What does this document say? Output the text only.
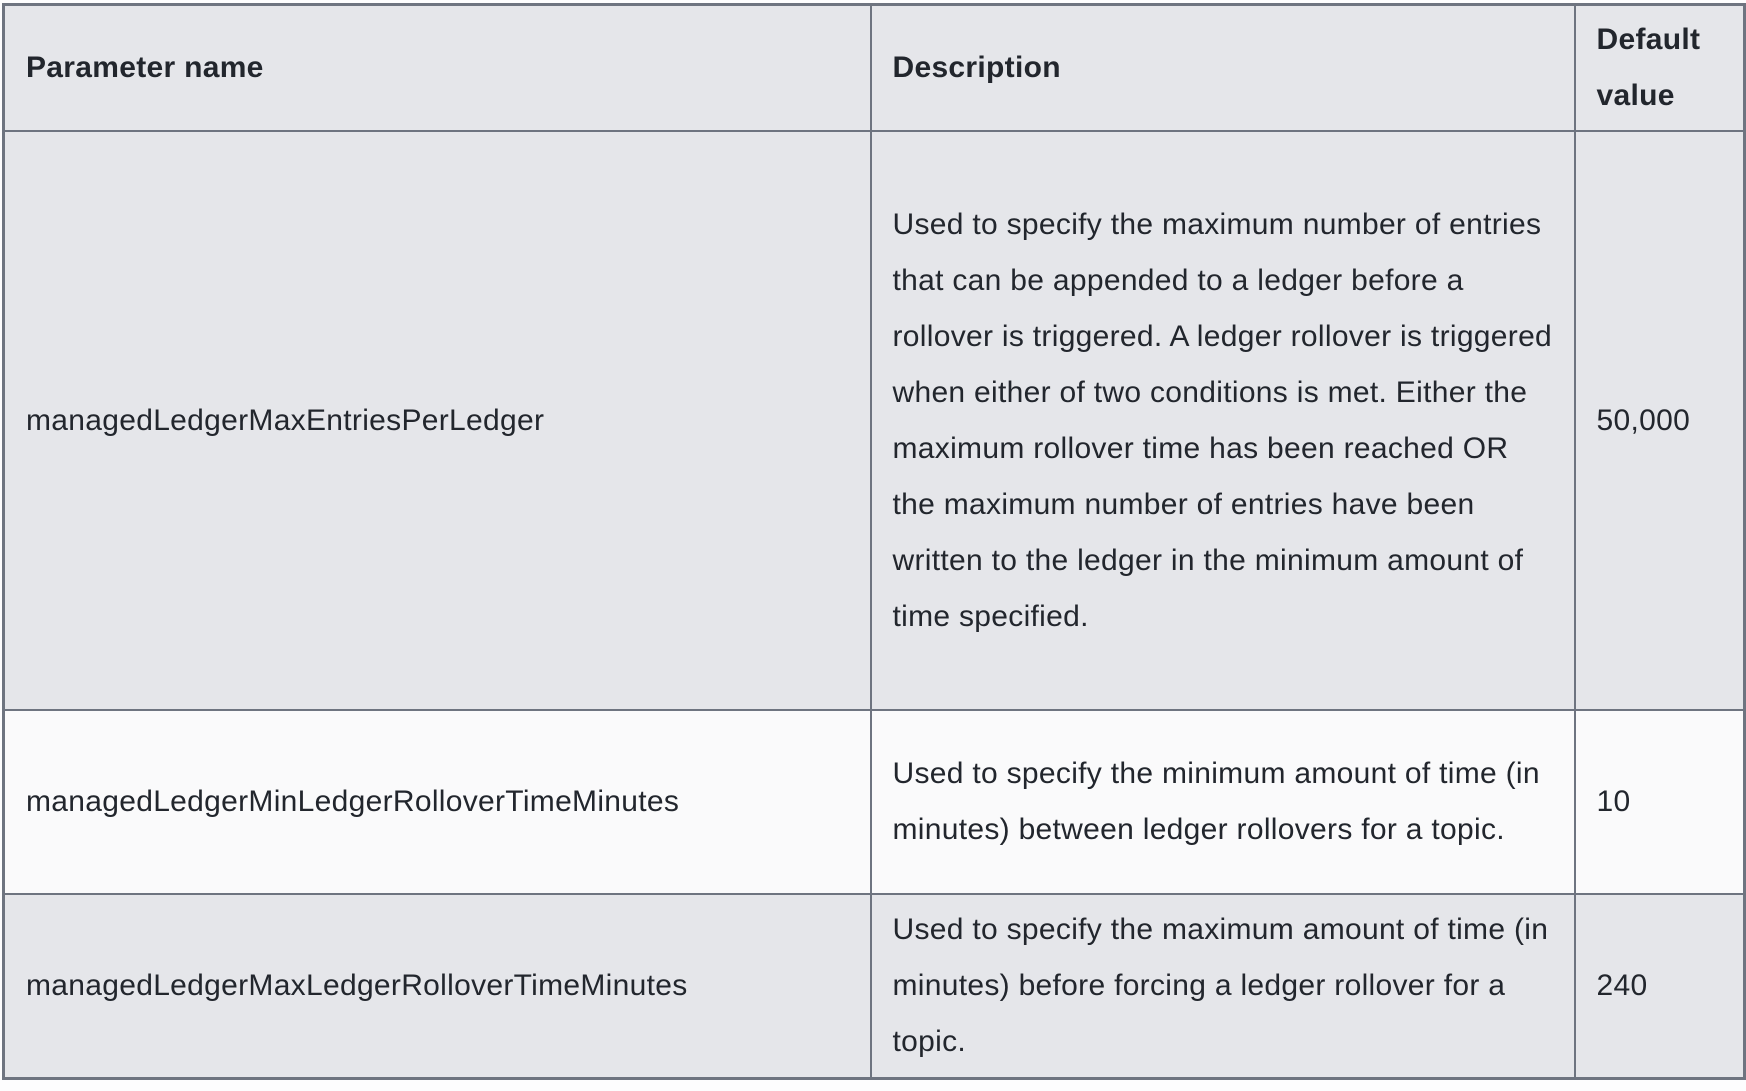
Parameter name	Description	Default value
managedLedgerMaxEntriesPerLedger	Used to specify the maximum number of entries that can be appended to a ledger before a rollover is triggered. A ledger rollover is triggered when either of two conditions is met. Either the maximum rollover time has been reached OR the maximum number of entries have been written to the ledger in the minimum amount of time specified.	50,000
managedLedgerMinLedgerRolloverTimeMinutes	Used to specify the minimum amount of time (in minutes) between ledger rollovers for a topic.	10
managedLedgerMaxLedgerRolloverTimeMinutes	Used to specify the maximum amount of time (in minutes) before forcing a ledger rollover for a topic.	240
